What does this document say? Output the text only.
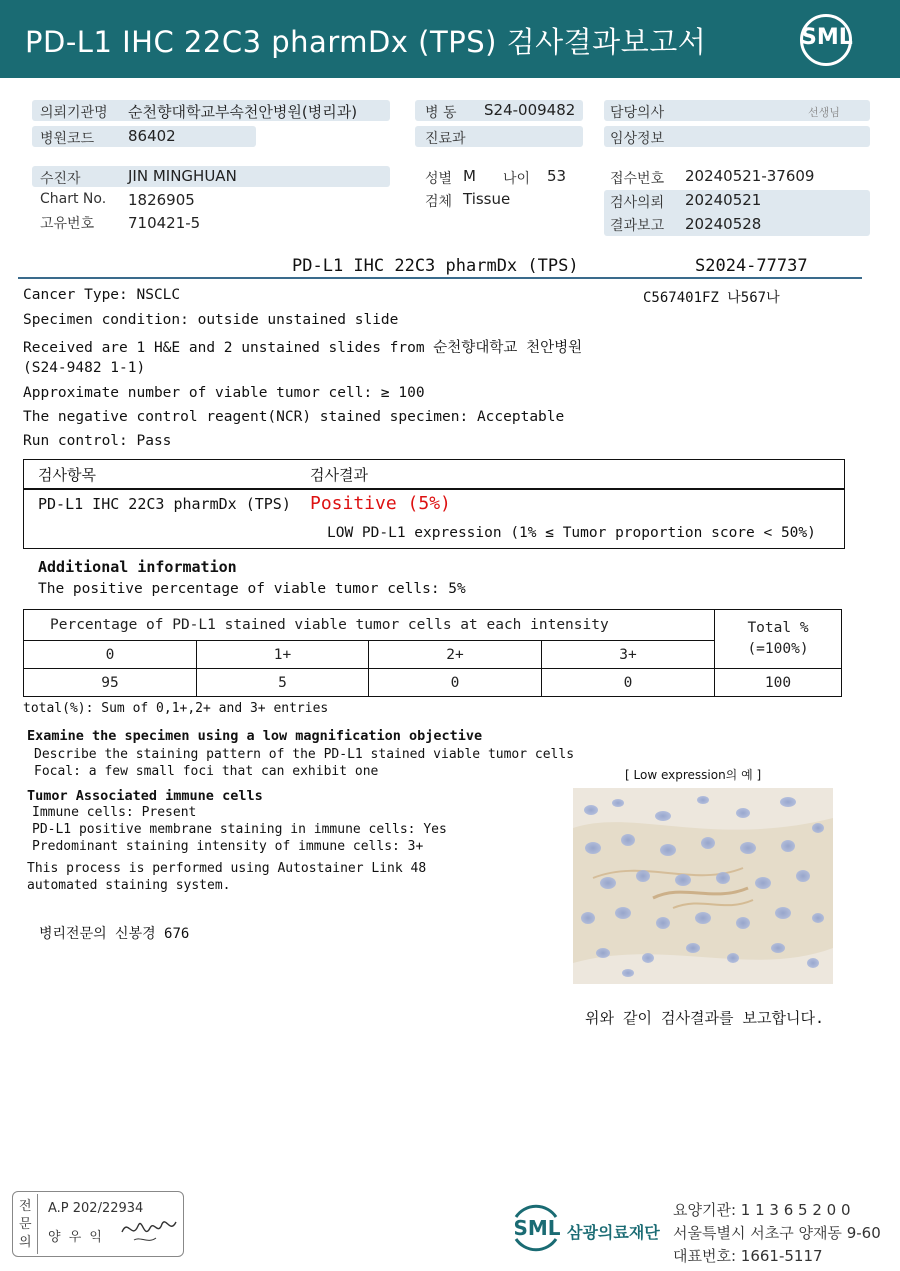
PD-L1 IHC 22C3 pharmDx (TPS) 검사결과보고서	SML
의뢰기관명 순천향대학교부속천안병원(병리과)	병 동 S24-009482 담당의사	선생님
병원코드 86402	진료과	임상정보
수진자	JIN MINGHUAN	성별 M 나이 53	접수번호 20240521-37609
Chart No. 1826905	검체 Tissue	검사의뢰 20240521
고유번호 710421-5	결과보고 20240528
PD-L1 IHC 22C3 pharmDx (TPS)	S2024-77737
C567401FZ 나567나
Cancer Type: NSCLC
Specimen condition: outside unstained slide
Received are 1 H&E and 2 unstained slides from 순천향대학교 천안병원
(S24-9482 1-1)
Approximate number of viable tumor cell: ≥ 100
The negative control reagent(NCR) stained specimen: Acceptable
Run control: Pass
검사항목	검사결과
PD-L1 IHC 22C3 pharmDx (TPS) Positive (5%)
LOW PD-L1 expression (1% ≤ Tumor proportion score < 50%)
Additional information
The positive percentage of viable tumor cells: 5%
Percentage of PD-L1 stained viable tumor cells at each intensity				Total %
(=100%)

0	1+	2+	3+	
95	5	0	0	100
total(%): Sum of 0,1+,2+ and 3+ entries
Examine the specimen using a low magnification objective
Describe the staining pattern of the PD-L1 stained viable tumor cells
Focal: a few small foci that can exhibit one	[ Low expression의 예 ]
Tumor Associated immune cells
Immune cells: Present
PD-L1 positive membrane staining in immune cells: Yes
Predominant staining intensity of immune cells: 3+
This process is performed using Autostainer Link 48
automated staining system.
병리전문의 신봉경 676
위와 같이 검사결과를 보고합니다.
전문의
A.P 202/22934
양 우 익	SML 삼광의료재단
요양기관: 1 1 3 6 5 2 0 0
서울특별시 서초구 양재동 9-60
대표번호: 1661-5117
